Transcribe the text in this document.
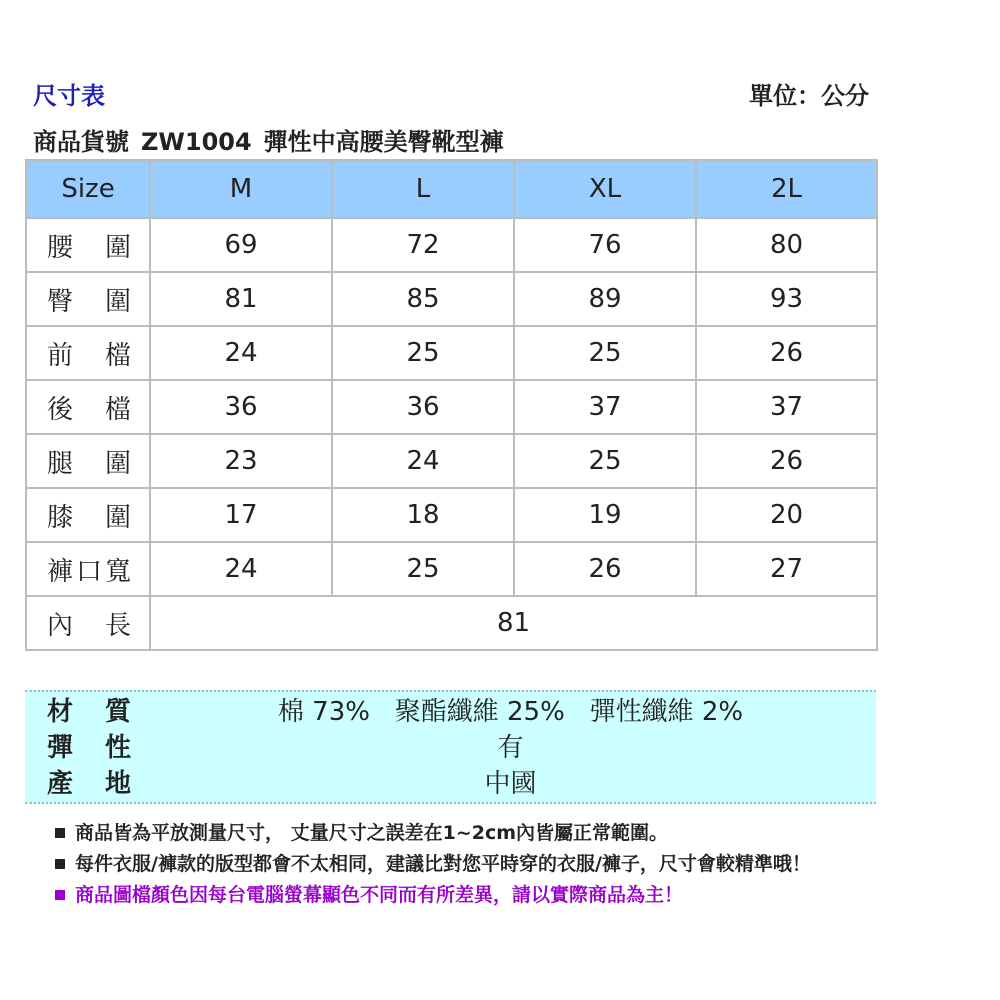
尺寸表	單位：公分
商品貨號 ZW1004 彈性中高腰美臀靴型褲
Size	M	L	XL	2L
腰圍	69	72	76	80
臀圍	81	85	89	93
前檔	24	25	25	26
後檔	36	36	37	37
腿圍	23	24	25	26
膝圍	17	18	19	20
褲口寬	24	25	26	27
內長	81			
材質	棉 73%   聚酯纖維 25%   彈性纖維 2%
彈性	有
產地	中國
商品皆為平放測量尺寸， 丈量尺寸之誤差在1~2cm內皆屬正常範圍。
每件衣服/褲款的版型都會不太相同，建議比對您平時穿的衣服/褲子，尺寸會較精準哦！
商品圖檔顏色因每台電腦螢幕顯色不同而有所差異，請以實際商品為主！
